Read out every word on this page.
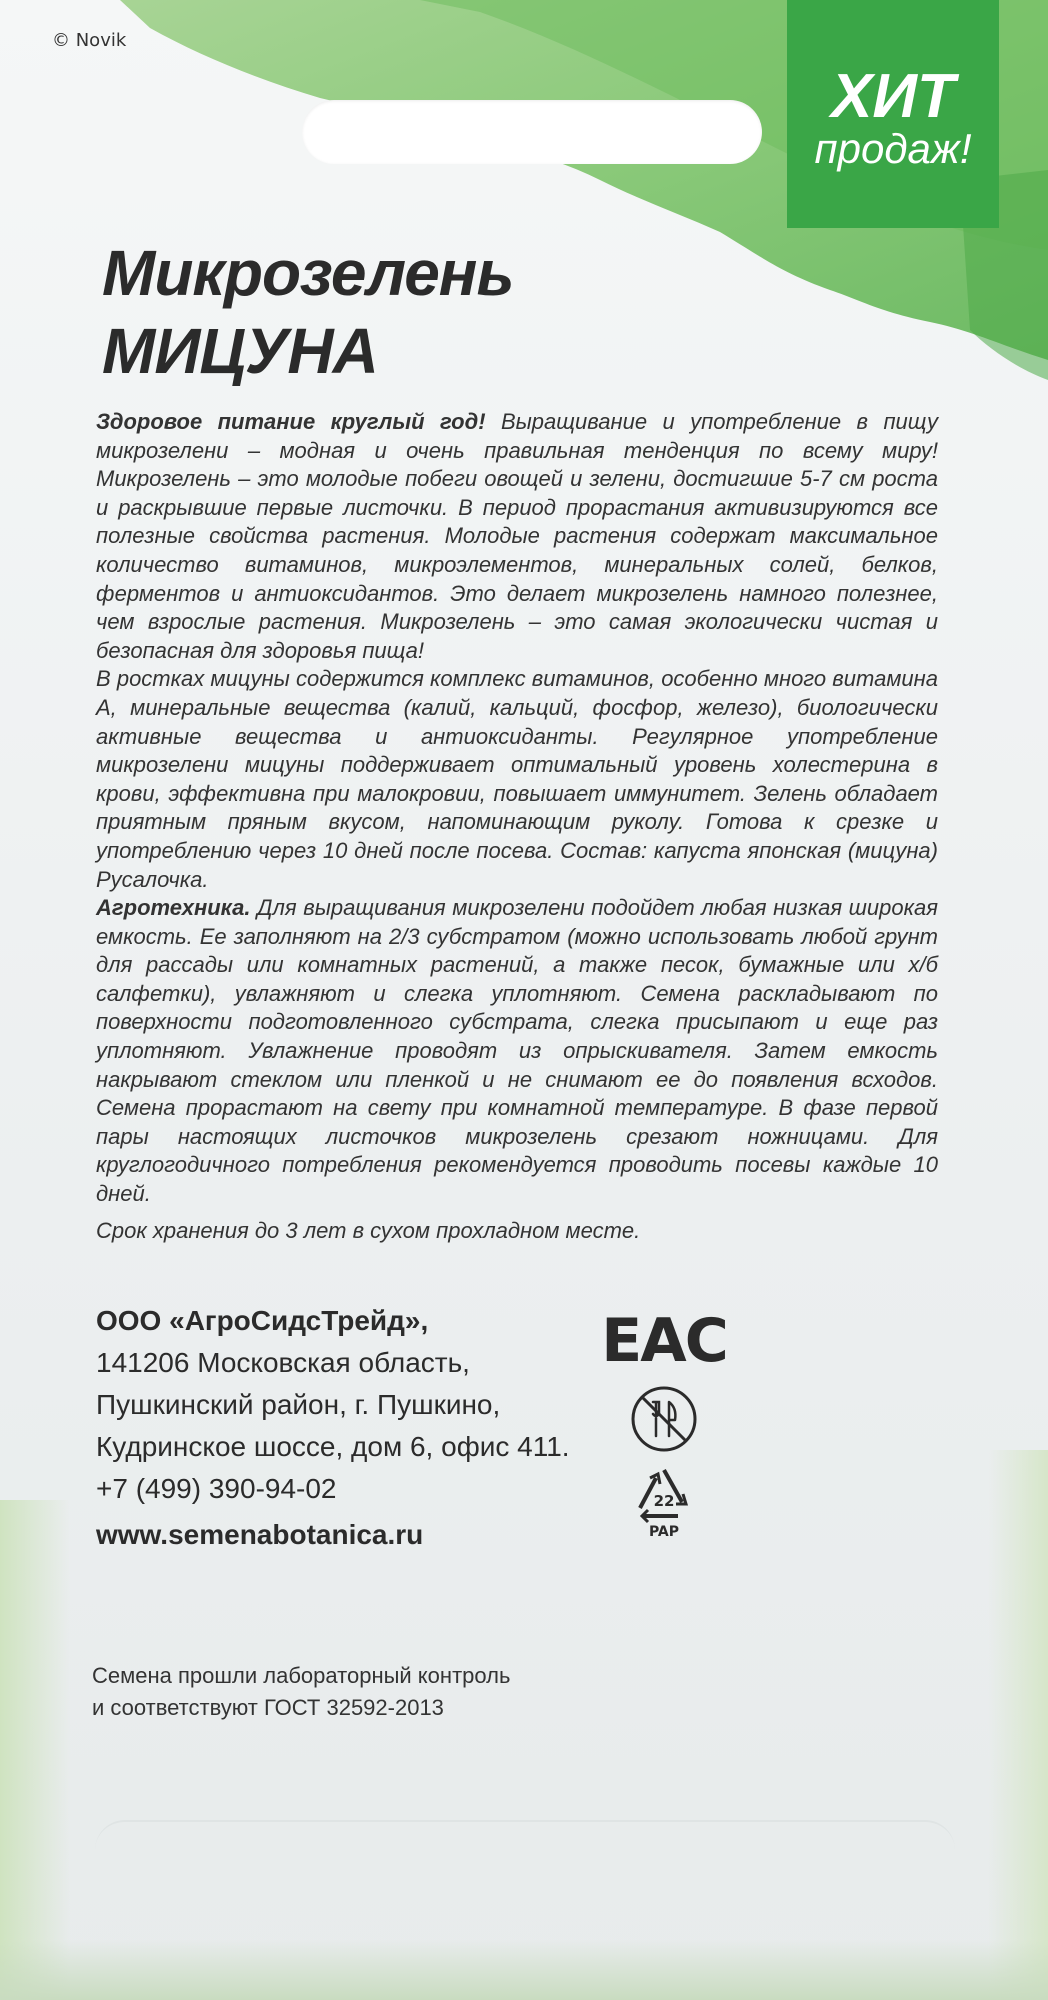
© Novik
ХИТ
продаж!
Микрозелень
МИЦУНА

Здоровое питание круглый год! Выращивание и употребление в пищу микрозелени – модная и очень правильная тенденция по всему миру! Микрозелень – это молодые побеги овощей и зелени, достигшие 5-7 см роста и раскрывшие первые листочки. В период прорастания активизируются все полезные свойства растения. Молодые растения содержат максимальное количество витаминов, микроэлементов, минеральных солей, белков, ферментов и антиоксидантов. Это делает микрозелень намного полезнее, чем взрослые растения. Микрозелень – это самая экологически чистая и безопасная для здоровья пища!

В ростках мицуны содержится комплекс витаминов, особенно много витамина А, минеральные вещества (калий, кальций, фосфор, железо), биологически активные вещества и антиоксиданты. Регулярное употребление микрозелени мицуны поддерживает оптимальный уровень холестерина в крови, эффективна при малокровии, повышает иммунитет. Зелень обладает приятным пряным вкусом, напоминающим руколу. Готова к срезке и употреблению через 10 дней после посева. Состав: капуста японская (мицуна) Русалочка.

Агротехника. Для выращивания микрозелени подойдет любая низкая широкая емкость. Ее заполняют на 2/3 субстратом (можно использовать любой грунт для рассады или комнатных растений, а также песок, бумажные или х/б салфетки), увлажняют и слегка уплотняют. Семена раскладывают по поверхности подготовленного субстрата, слегка присыпают и еще раз уплотняют. Увлажнение проводят из опрыскивателя. Затем емкость накрывают стеклом или пленкой и не снимают ее до появления всходов. Семена прорастают на свету при комнатной температуре. В фазе первой пары настоящих листочков микрозелень срезают ножницами. Для круглогодичного потребления рекомендуется проводить посевы каждые 10 дней.

Срок хранения до 3 лет в сухом прохладном месте.

ООО «АгроСидсТрейд»,
141206 Московская область,
Пушкинский район, г. Пушкино,
Кудринское шоссе, дом 6, офис 411.
+7 (499) 390-94-02
www.semenabotanica.ru
EAC
22
PAP
Семена прошли лабораторный контроль
и соответствуют ГОСТ 32592-2013
